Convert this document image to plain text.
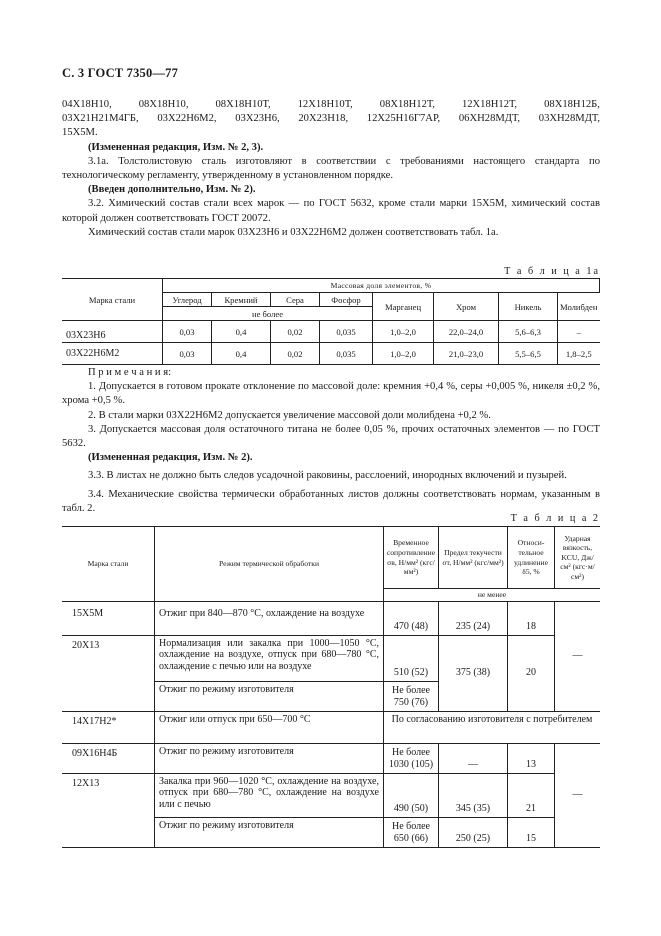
С. 3 ГОСТ 7350—77
04Х18Н10,	08Х18Н10,	08Х18Н10Т,	12Х18Н10Т,	08Х18Н12Т,	12Х18Н12Т,	08Х18Н12Б,
03Х21Н21М4ГБ, 03Х22Н6М2, 03Х23Н6, 20Х23Н18, 12Х25Н16Г7АР, 06ХН28МДТ, 03ХН28МДТ,

15Х5М.

(Измененная редакция, Изм. № 2, 3).

3.1а. Толстолистовую сталь изготовляют в соответствии с требованиями настоящего стандарта по технологическому регламенту, утвержденному в установленном порядке.

(Введен дополнительно, Изм. № 2).

3.2. Химический состав стали всех марок — по ГОСТ 5632, кроме стали марки 15Х5М, химический состав которой должен соответствовать ГОСТ 20072.

Химический состав стали марок 03Х23Н6 и 03Х22Н6М2 должен соответствовать табл. 1а.

Т а б л и ц а 1а

Марка стали	Массовая доля элементов, %							
	Углерод	Кремний	Сера	Фосфор	Марганец	Хром	Никель	Молибден
	не более							
03Х23Н6	0,03	0,4	0,02	0,035	1,0–2,0	22,0–24,0	5,6–6,3	–
03Х22Н6М2	0,03	0,4	0,02	0,035	1,0–2,0	21,0–23,0	5,5–6,5	1,8–2,5

П р и м е ч а н и я:

1. Допускается в готовом прокате отклонение по массовой доле: кремния +0,4 %, серы +0,005 %, никеля ±0,2 %, хрома +0,5 %.

2. В стали марки 03Х22Н6М2 допускается увеличение массовой доли молибдена +0,2 %.

3. Допускается массовая доля остаточного титана не более 0,05 %, прочих остаточных элементов — по ГОСТ 5632.

(Измененная редакция, Изм. № 2).

3.3. В листах не должно быть следов усадочной раковины, расслоений, инородных включений и пузырей.

3.4. Механические свойства термически обработанных листов должны соответствовать нормам, указанным в табл. 2.

Т а б л и ц а 2

Марка стали	Режим термической обработки	Временное сопротивление σв, Н/мм² (кгс/мм²)	Предел текучести σт, Н/мм² (кгс/мм²)	Относительное удлинение δ5, %	Ударная вязкость, KCU, Дж/см² (кгс·м/см²)
		не менее			
15Х5М	Отжиг при 840—870 °С, охлаждение на воздухе	470 (48)	235 (24)	18	—
20Х13	Нормализация или закалка при 1000—1050 °С, охлаждение на воздухе, отпуск при 680—780 °С, охлаждение с печью или на воздухе	510 (52)	375 (38)	20	
	Отжиг по режиму изготовителя	Не более 750 (76)			
14Х17Н2*	Отжиг или отпуск при 650—700 °С	По согласованию изготовителя с потребителем			
09Х16Н4Б	Отжиг по режиму изготовителя	Не более 1030 (105)	—	13	—
12Х13	Закалка при 960—1020 °С, охлаждение на воздухе, отпуск при 680—780 °С, охлаждение на воздухе или с печью	490 (50)	345 (35)	21	
	Отжиг по режиму изготовителя	Не более 650 (66)	250 (25)	15	
